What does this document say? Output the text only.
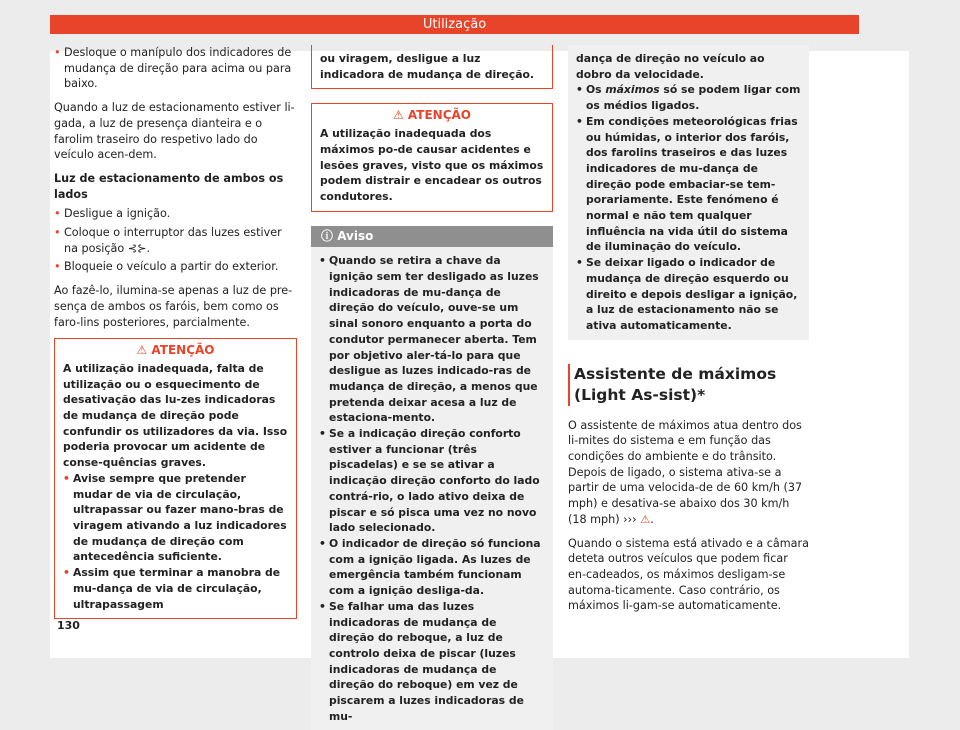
Utilização
• Desloque o manípulo dos indicadores de mudança de direção para acima ou para baixo.

Quando a luz de estacionamento estiver li-gada, a luz de presença dianteira e o farolim traseiro do respetivo lado do veículo acen-dem.

Luz de estacionamento de ambos os lados
• Desligue a ignição.
• Coloque o interruptor das luzes estiver na posição ⊰⊱.
• Bloqueie o veículo a partir do exterior.

Ao fazê-lo, ilumina-se apenas a luz de pre-sença de ambos os faróis, bem como os faro-lins posteriores, parcialmente.

⚠ ATENÇÃO
A utilização inadequada, falta de utilização ou o esquecimento de desativação das lu-zes indicadoras de mudança de direção pode confundir os utilizadores da via. Isso poderia provocar um acidente de conse-quências graves.
• Avise sempre que pretender mudar de via de circulação, ultrapassar ou fazer mano-bras de viragem ativando a luz indicadores de mudança de direção com antecedência suficiente.
• Assim que terminar a manobra de mu-dança de via de circulação, ultrapassagem
ou viragem, desligue a luz indicadora de mudança de direção.
⚠ ATENÇÃO
A utilização inadequada dos máximos po-de causar acidentes e lesões graves, visto que os máximos podem distrair e encadear os outros condutores.
ⓘ Aviso
• Quando se retira a chave da ignição sem ter desligado as luzes indicadoras de mu-dança de direção do veículo, ouve-se um sinal sonoro enquanto a porta do condutor permanecer aberta. Tem por objetivo aler-tá-lo para que desligue as luzes indicado-ras de mudança de direção, a menos que pretenda deixar acesa a luz de estaciona-mento.
• Se a indicação direção conforto estiver a funcionar (três piscadelas) e se se ativar a indicação direção conforto do lado contrá-rio, o lado ativo deixa de piscar e só pisca uma vez no novo lado selecionado.
• O indicador de direção só funciona com a ignição ligada. As luzes de emergência também funcionam com a ignição desliga-da.
• Se falhar uma das luzes indicadoras de mudança de direção do reboque, a luz de controlo deixa de piscar (luzes indicadoras de mudança de direção do reboque) em vez de piscarem a luzes indicadoras de mu-
dança de direção no veículo ao dobro da velocidade.
• Os máximos só se podem ligar com os médios ligados.
• Em condições meteorológicas frias ou húmidas, o interior dos faróis, dos farolins traseiros e das luzes indicadores de mu-dança de direção pode embaciar-se tem-porariamente. Este fenómeno é normal e não tem qualquer influência na vida útil do sistema de iluminação do veículo.
• Se deixar ligado o indicador de mudança de direção esquerdo ou direito e depois desligar a ignição, a luz de estacionamento não se ativa automaticamente.
Assistente de máximos (Light As-sist)*

O assistente de máximos atua dentro dos li-mites do sistema e em função das condições do ambiente e do trânsito. Depois de ligado, o sistema ativa-se a partir de uma velocida-de de 60 km/h (37 mph) e desativa-se abaixo dos 30 km/h (18 mph) ››› ⚠.

Quando o sistema está ativado e a câmara deteta outros veículos que podem ficar en-cadeados, os máximos desligam-se automa-ticamente. Caso contrário, os máximos li-gam-se automaticamente.

130
